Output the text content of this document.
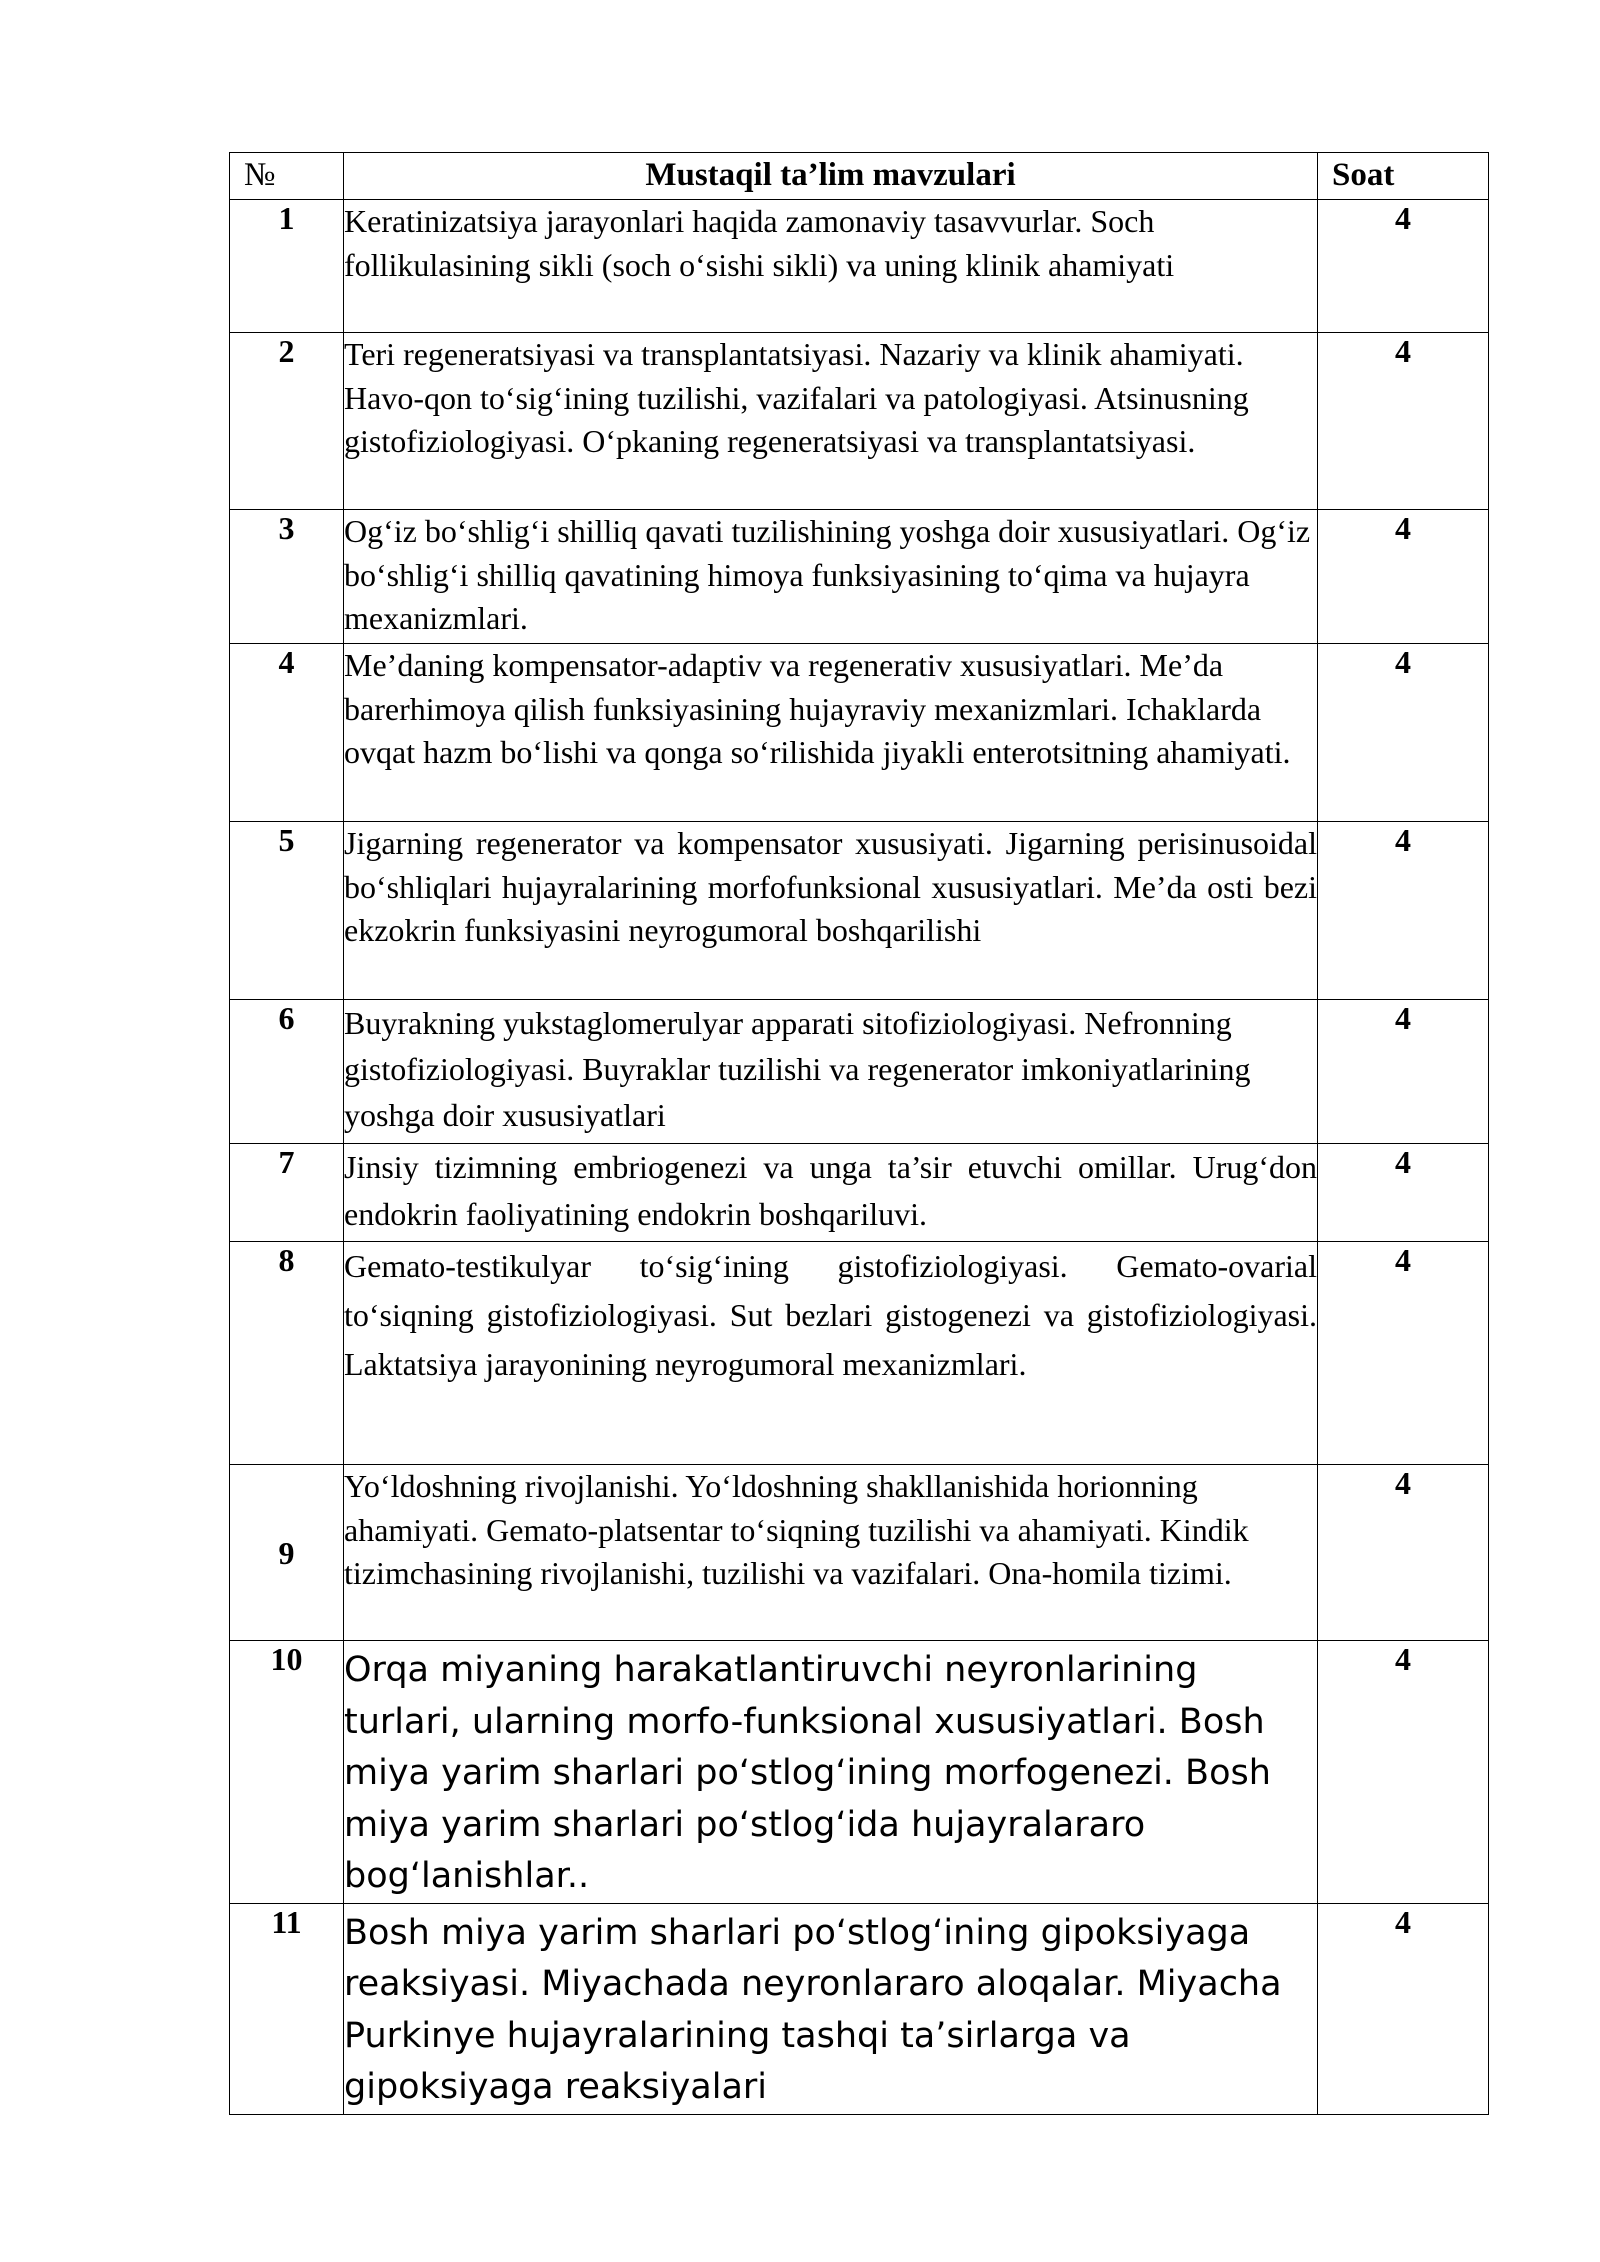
№	Mustaqil ta’lim mavzulari	Soat
1	Keratinizatsiya jarayonlari haqida zamonaviy tasavvurlar. Soch follikulasining sikli (soch o‘sishi sikli) va uning klinik ahamiyati	4
2	Teri regeneratsiyasi va transplantatsiyasi. Nazariy va klinik ahamiyati. Havo-qon to‘sig‘ining tuzilishi, vazifalari va patologiyasi. Atsinusning gistofiziologiyasi. O‘pkaning regeneratsiyasi va transplantatsiyasi.	4
3	Og‘iz bo‘shlig‘i shilliq qavati tuzilishining yoshga doir xususiyatlari. Og‘iz bo‘shlig‘i shilliq qavatining himoya funksiyasining to‘qima va hujayra mexanizmlari.	4
4	Me’daning kompensator-adaptiv va regenerativ xususiyatlari. Me’da barerhimoya qilish funksiyasining hujayraviy mexanizmlari. Ichaklarda ovqat hazm bo‘lishi va qonga so‘rilishida jiyakli enterotsitning ahamiyati.	4
5	Jigarning regenerator va kompensator xususiyati. Jigarning perisinusoidal bo‘shliqlari hujayralarining morfofunksional xususiyatlari. Me’da osti bezi ekzokrin funksiyasini neyrogumoral boshqarilishi	4
6	Buyrakning yukstaglomerulyar apparati sitofiziologiyasi. Nefronning gistofiziologiyasi. Buyraklar tuzilishi va regenerator imkoniyatlarining yoshga doir xususiyatlari	4
7	Jinsiy tizimning embriogenezi va unga ta’sir etuvchi omillar. Urug‘don endokrin faoliyatining endokrin boshqariluvi.	4
8	Gemato-testikulyar to‘sig‘ining gistofiziologiyasi. Gemato-ovarial to‘siqning gistofiziologiyasi. Sut bezlari gistogenezi va gistofiziologiyasi. Laktatsiya jarayonining neyrogumoral mexanizmlari.	4
9	Yo‘ldoshning rivojlanishi. Yo‘ldoshning shakllanishida horionning ahamiyati. Gemato-platsentar to‘siqning tuzilishi va ahamiyati. Kindik tizimchasining rivojlanishi, tuzilishi va vazifalari. Ona-homila tizimi.	4
10	Orqa miyaning harakatlantiruvchi neyronlarining turlari, ularning morfo-funksional xususiyatlari. Bosh miya yarim sharlari po‘stlog‘ining morfogenezi. Bosh miya yarim sharlari po‘stlog‘ida hujayralararo bog‘lanishlar..	4
11	Bosh miya yarim sharlari po‘stlog‘ining gipoksiyaga reaksiyasi. Miyachada neyronlararo aloqalar. Miyacha Purkinye hujayralarining tashqi ta’sirlarga va gipoksiyaga reaksiyalari	4
